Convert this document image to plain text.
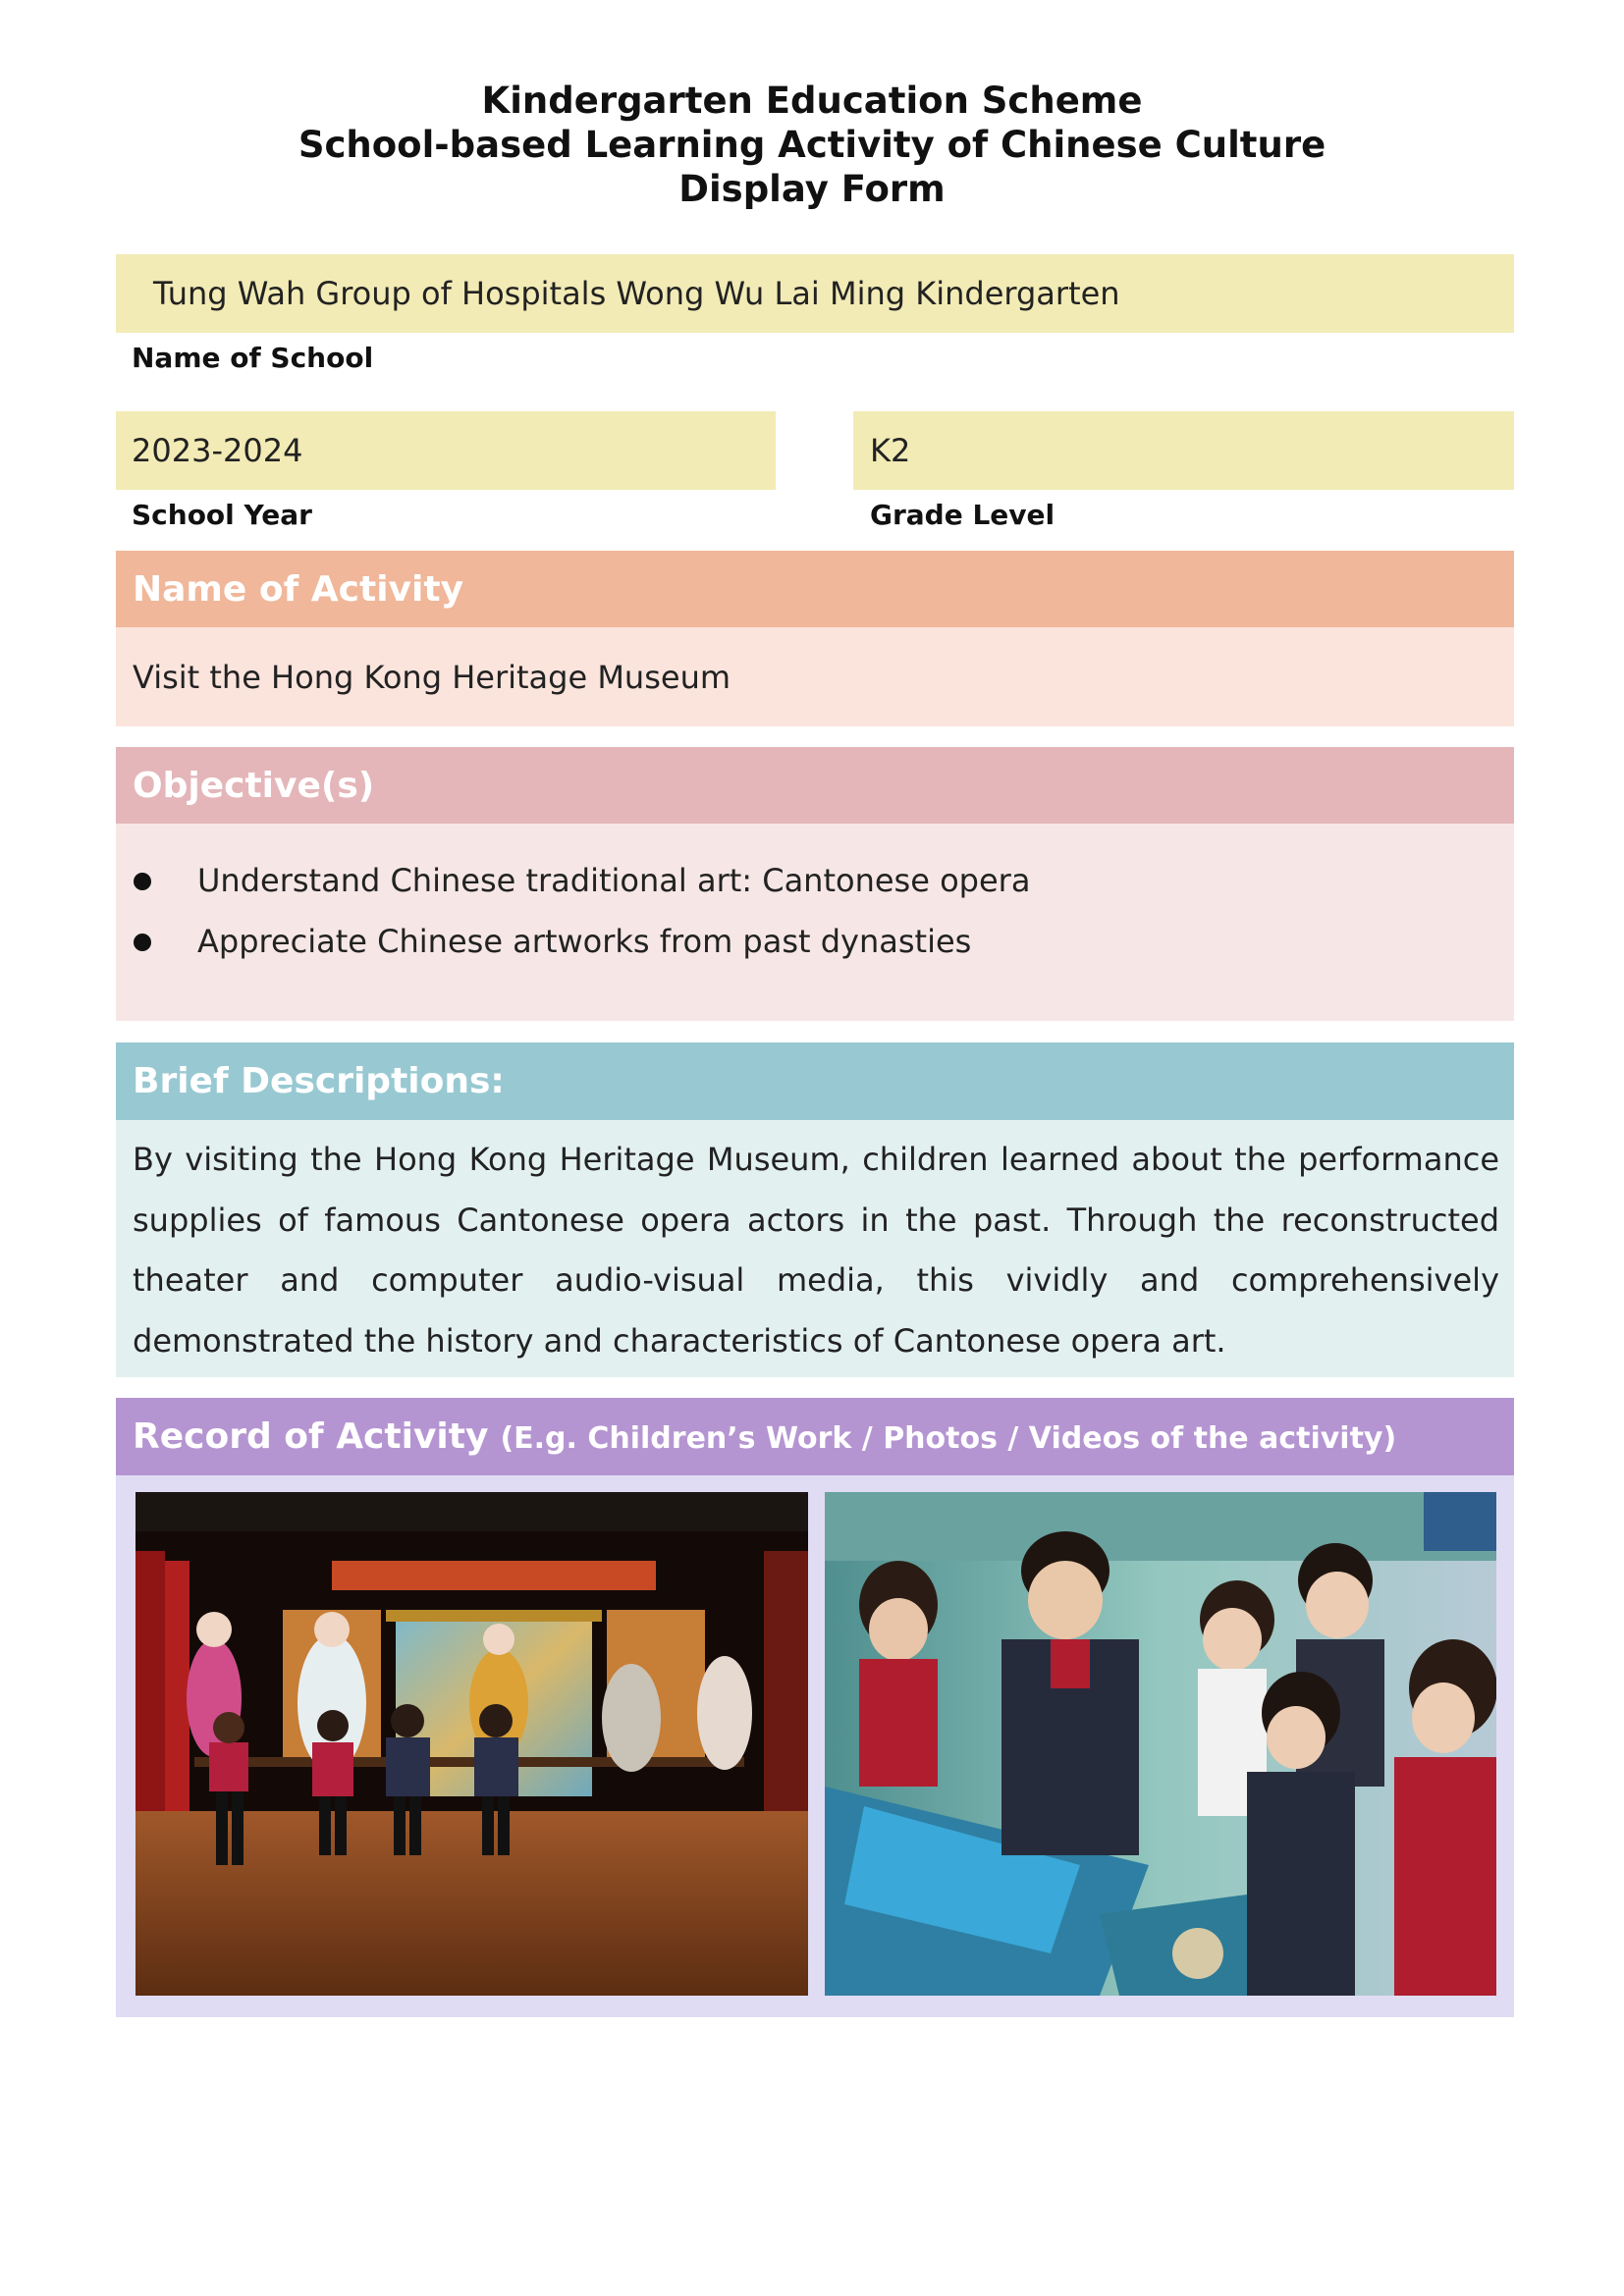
Kindergarten Education Scheme
School-based Learning Activity of Chinese Culture
Display Form
Tung Wah Group of Hospitals Wong Wu Lai Ming Kindergarten
Name of School
2023-2024
School Year
K2
Grade Level
Name of Activity
Visit the Hong Kong Heritage Museum
Objective(s)
Understand Chinese traditional art: Cantonese opera
Appreciate Chinese artworks from past dynasties
Brief Descriptions:
By visiting the Hong Kong Heritage Museum, children learned about the performance supplies of famous Cantonese opera actors in the past. Through the reconstructed theater and computer audio-visual media, this vividly and comprehensively demonstrated the history and characteristics of Cantonese opera art.
Record of Activity (E.g. Children’s Work / Photos / Videos of the activity)
